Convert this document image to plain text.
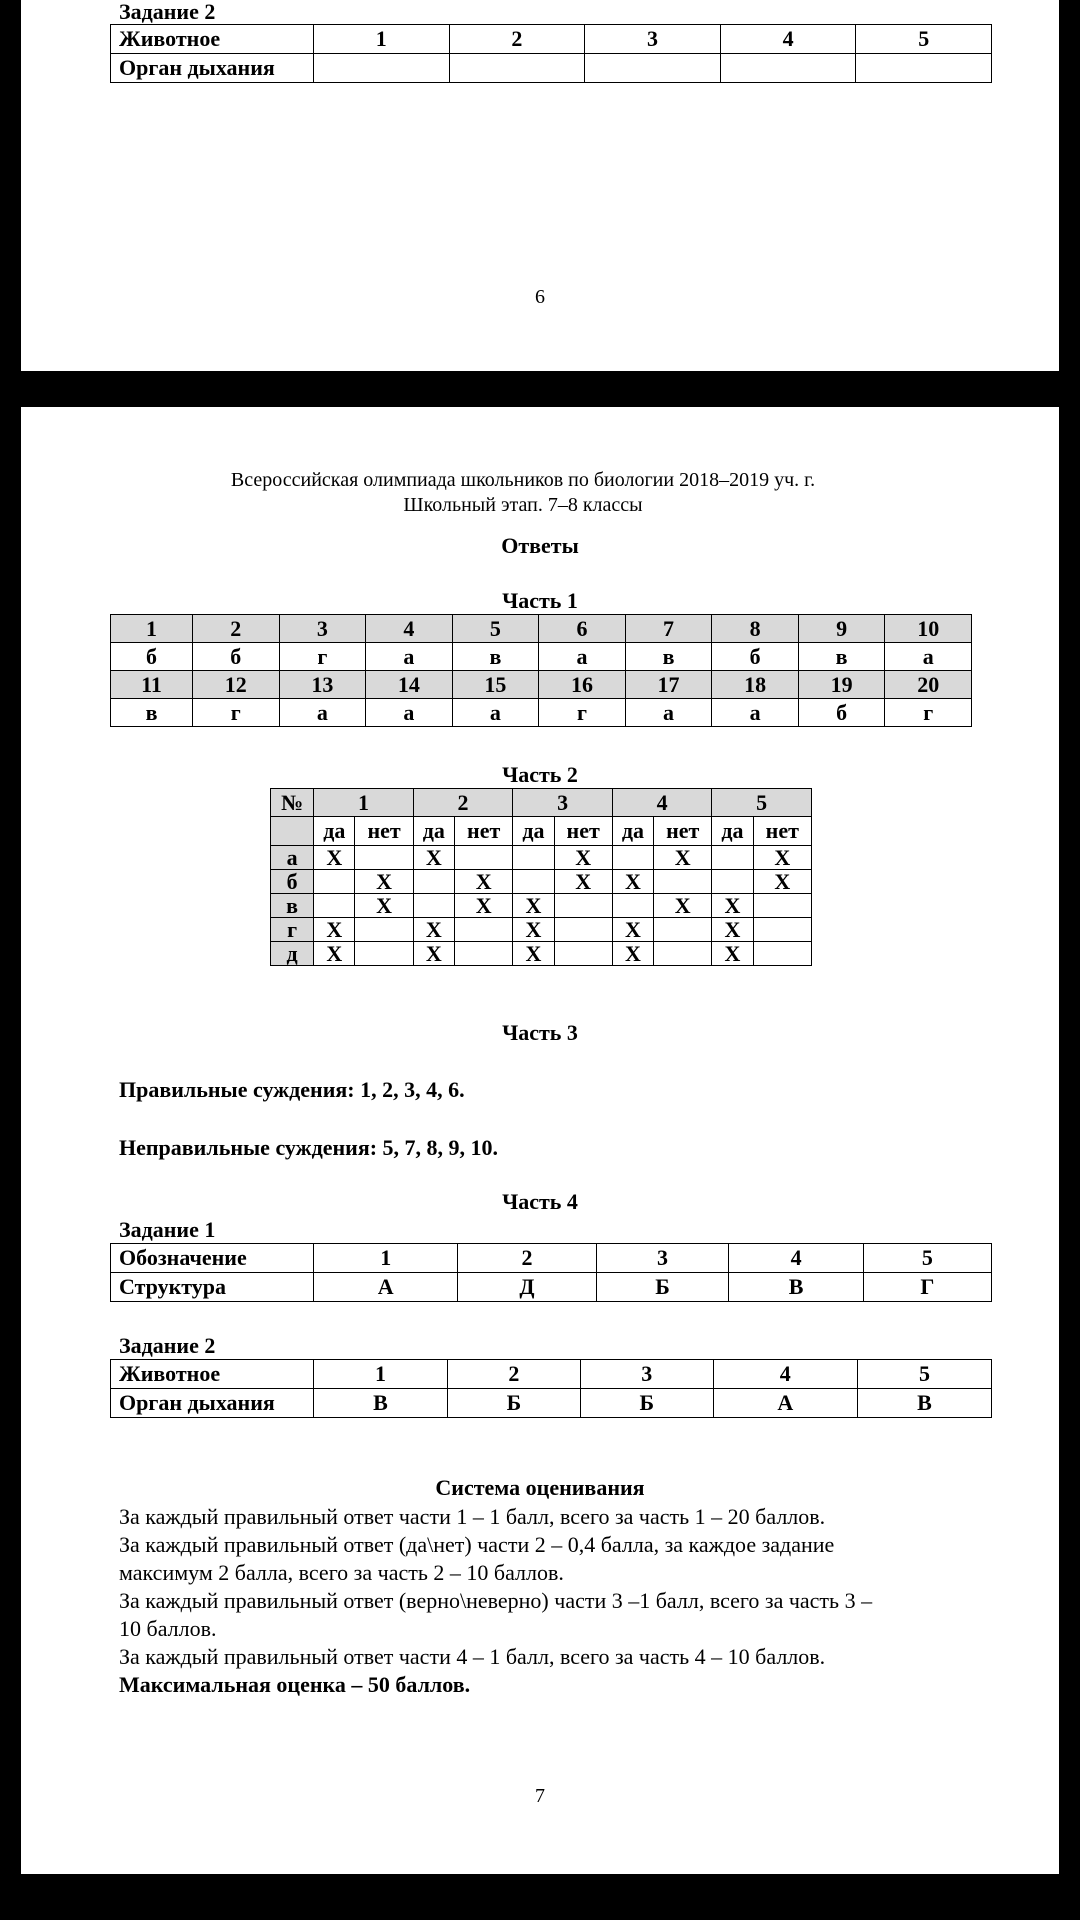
Задание 2
Животное	1	2	3	4	5
Орган дыхания					
6
Всероссийская олимпиада школьников по биологии 2018–2019 уч. г.
Школьный этап. 7–8 классы
Ответы
Часть 1
1	2	3	4	5	6	7	8	9	10
б	б	г	а	в	а	в	б	в	а
11	12	13	14	15	16	17	18	19	20
в	г	а	а	а	г	а	а	б	г
Часть 2
№	1		2		3		4		5	
	да	нет	да	нет	да	нет	да	нет	да	нет
а	X		X			X		X		X
б		X		X		X	X			X
в		X		X	X			X	X	
г	X		X		X		X		X	
д	X		X		X		X		X	
Часть 3
Правильные суждения: 1, 2, 3, 4, 6.
Неправильные суждения: 5, 7, 8, 9, 10.
Часть 4
Задание 1
Обозначение	1	2	3	4	5
Структура	А	Д	Б	В	Г
Задание 2
Животное	1	2	3	4	5
Орган дыхания	В	Б	Б	А	В
Система оценивания
За каждый правильный ответ части 1 – 1 балл, всего за часть 1 – 20 баллов.
За каждый правильный ответ (да\нет) части 2 – 0,4 балла, за каждое задание
максимум 2 балла, всего за часть 2 – 10 баллов.
За каждый правильный ответ (верно\неверно) части 3 –1 балл, всего за часть 3 –
10 баллов.
За каждый правильный ответ части 4 – 1 балл, всего за часть 4 – 10 баллов.
Максимальная оценка – 50 баллов.
7
